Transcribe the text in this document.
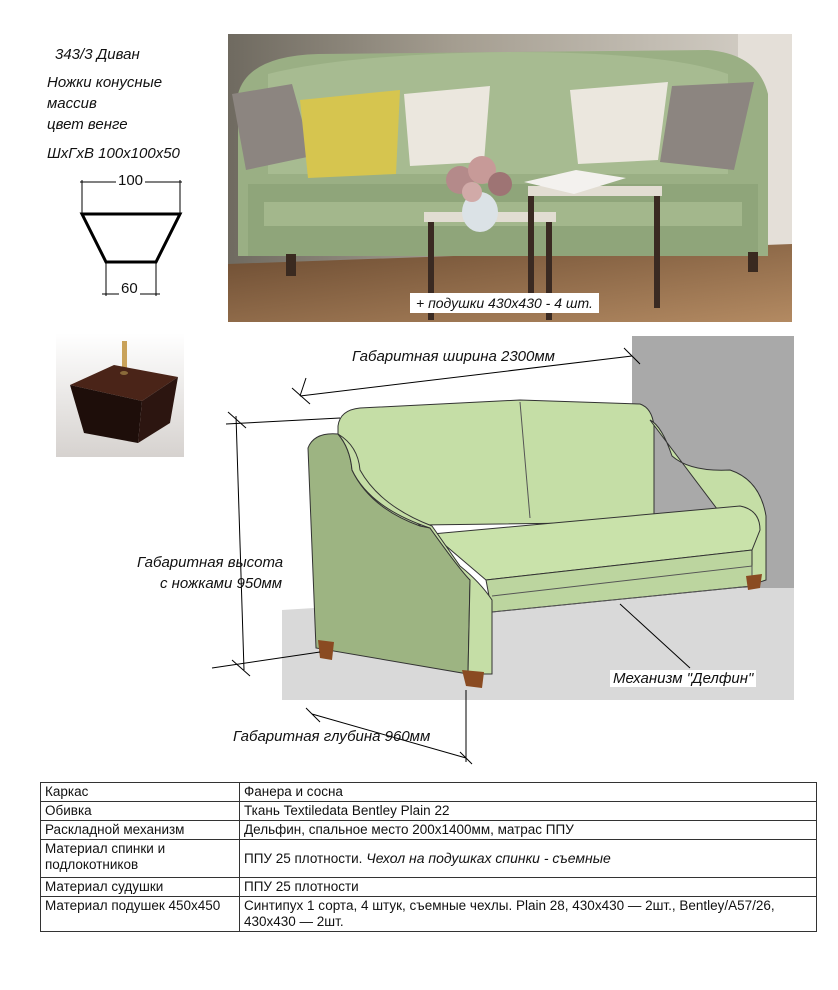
343/3 Диван
Ножки конусные
массив
цвет венге
ШхГхВ 100х100х50
100
60
+ подушки 430х430 - 4 шт.
Габаритная ширина 2300мм
Габаритная высота
с ножками 950мм
Габаритная глубина 960мм
Механизм "Делфин"
Каркас	Фанера и сосна
Обивка	Ткань Textiledata Bentley Plain 22
Раскладной механизм	Дельфин, спальное место 200х1400мм, матрас ППУ
Материал спинки и подлокотников	ППУ 25 плотности. Чехол на подушках спинки - съемные
Материал судушки	ППУ 25 плотности
Материал подушек 450х450	Синтипух 1 сорта, 4 штук, съемные чехлы. Plain 28, 430х430 — 2шт., Bentley/A57/26, 430х430 — 2шт.
